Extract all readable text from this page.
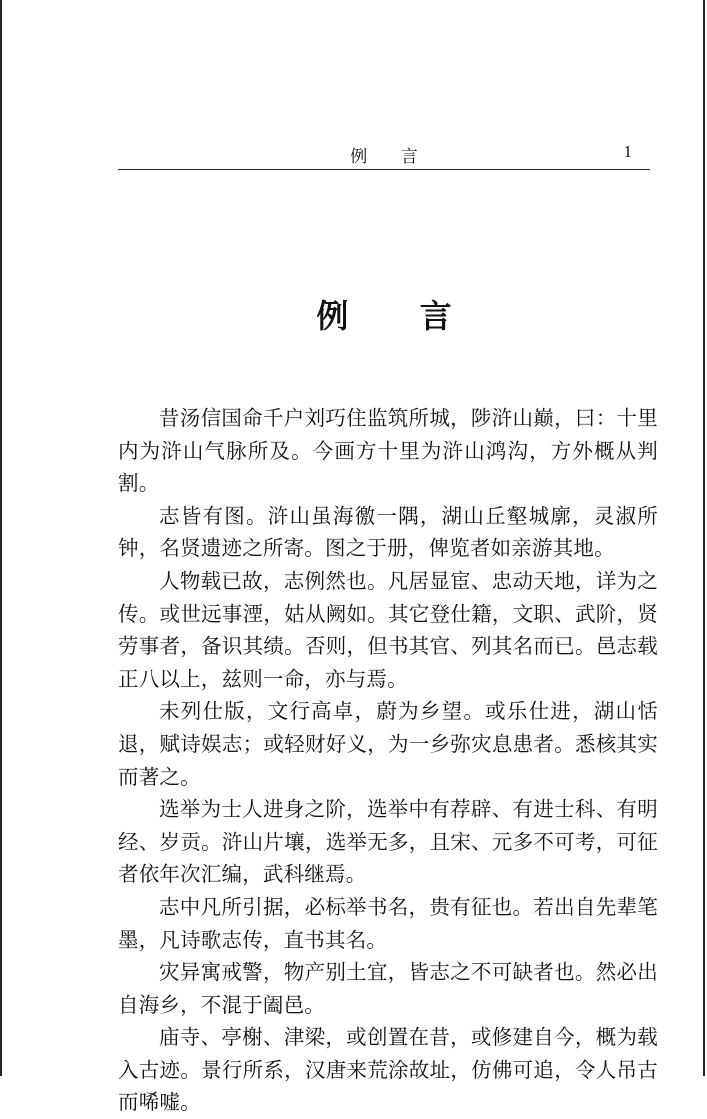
例 言	1
例 言

昔汤信国命千户刘巧住监筑所城，陟浒山巅，曰：十里内为浒山气脉所及。今画方十里为浒山鸿沟，方外概从判割。

志皆有图。浒山虽海徼一隅，湖山丘壑城廓，灵淑所钟，名贤遗迹之所寄。图之于册，俾览者如亲游其地。

人物载已故，志例然也。凡居显宦、忠动天地，详为之传。或世远事湮，姑从阙如。其它登仕籍，文职、武阶，贤劳事者，备识其绩。否则，但书其官、列其名而已。邑志载正八以上，兹则一命，亦与焉。

未列仕版，文行高卓，蔚为乡望。或乐仕进，湖山恬退，赋诗娱志；或轻财好义，为一乡弥灾息患者。悉核其实而著之。

选举为士人进身之阶，选举中有荐辟、有进士科、有明经、岁贡。浒山片壤，选举无多，且宋、元多不可考，可征者依年次汇编，武科继焉。

志中凡所引据，必标举书名，贵有征也。若出自先辈笔墨，凡诗歌志传，直书其名。

灾异寓戒警，物产别土宜，皆志之不可缺者也。然必出自海乡，不混于阖邑。

庙寺、亭榭、津梁，或创置在昔，或修建自今，概为载入古迹。景行所系，汉唐来荒涂故址，仿佛可追，令人吊古而唏嘘。
